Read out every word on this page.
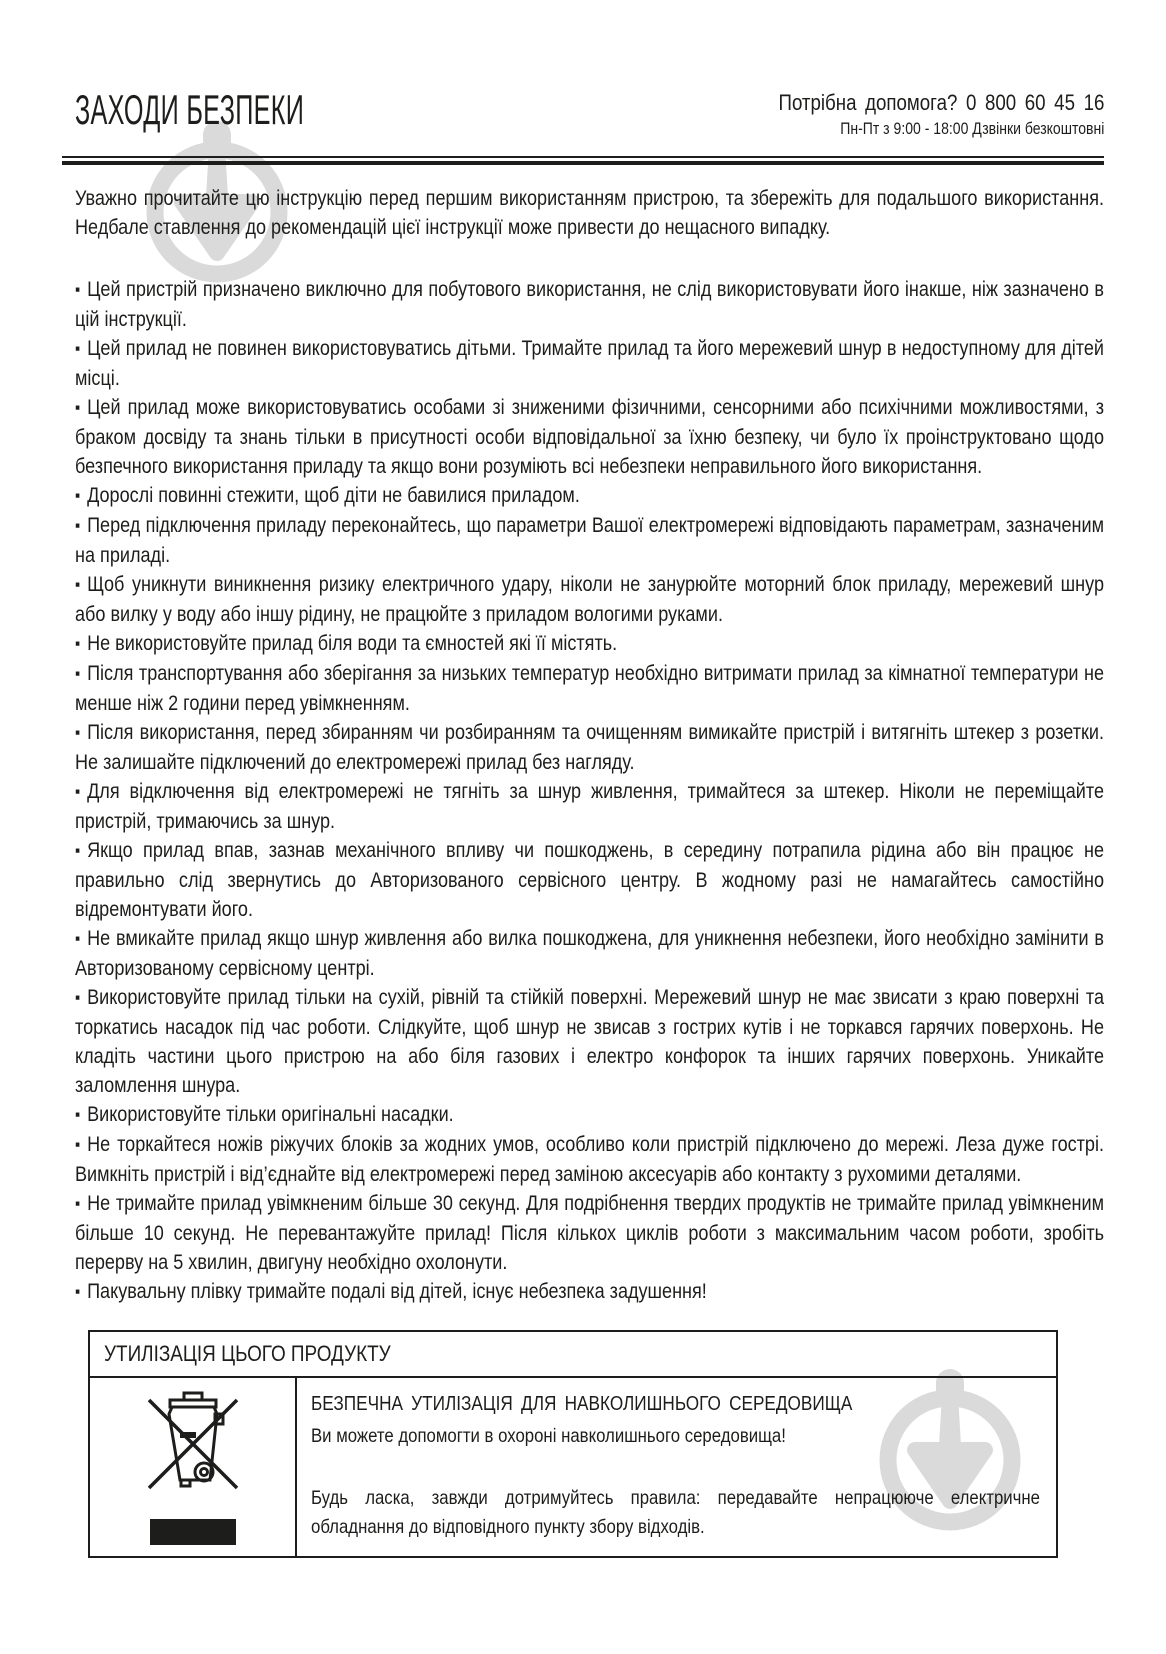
ЗАХОДИ БЕЗПЕКИ	Потрібна допомога? 0 800 60 45 16
Пн-Пт з 9:00 - 18:00 Дзвінки безкоштовні

Уважно прочитайте цю інструкцію перед першим використанням пристрою, та збережіть для подальшого використання. Недбале ставлення до рекомендацій цієї інструкції може привести до нещасного випадку.

▪ Цей пристрій призначено виключно для побутового використання, не слід використовувати його інакше, ніж зазначено в цій інструкції.

▪ Цей прилад не повинен використовуватись дітьми. Тримайте прилад та його мережевий шнур в недоступному для дітей місці.

▪ Цей прилад може використовуватись особами зі зниженими фізичними, сенсорними або психічними можливостями, з браком досвіду та знань тільки в присутності особи відповідальної за їхню безпеку, чи було їх проінструктовано щодо безпечного використання приладу та якщо вони розуміють всі небезпеки неправильного його використання.

▪ Дорослі повинні стежити, щоб діти не бавилися приладом.

▪ Перед підключення приладу переконайтесь, що параметри Вашої електромережі відповідають параметрам, зазначеним на приладі.

▪ Щоб уникнути виникнення ризику електричного удару, ніколи не занурюйте моторний блок приладу, мережевий шнур або вилку у воду або іншу рідину, не працюйте з приладом вологими руками.

▪ Не використовуйте прилад біля води та ємностей які її містять.

▪ Після транспортування або зберігання за низьких температур необхідно витримати прилад за кімнатної температури не менше ніж 2 години перед увімкненням.

▪ Після використання, перед збиранням чи розбиранням та очищенням вимикайте пристрій і витягніть штекер з розетки. Не залишайте підключений до електромережі прилад без нагляду.

▪ Для відключення від електромережі не тягніть за шнур живлення, тримайтеся за штекер. Ніколи не переміщайте пристрій, тримаючись за шнур.

▪ Якщо прилад впав, зазнав механічного впливу чи пошкоджень, в середину потрапила рідина або він працює не правильно слід звернутись до Авторизованого сервісного центру. В жодному разі не намагайтесь самостійно відремонтувати його.

▪ Не вмикайте прилад якщо шнур живлення або вилка пошкоджена, для уникнення небезпеки, його необхідно замінити в Авторизованому сервісному центрі.

▪ Використовуйте прилад тільки на сухій, рівній та стійкій поверхні. Мережевий шнур не має звисати з краю поверхні та торкатись насадок під час роботи. Слідкуйте, щоб шнур не звисав з гострих кутів і не торкався гарячих поверхонь. Не кладіть частини цього пристрою на або біля газових і електро конфорок та інших гарячих поверхонь. Уникайте заломлення шнура.

▪ Використовуйте тільки оригінальні насадки.

▪ Не торкайтеся ножів ріжучих блоків за жодних умов, особливо коли пристрій підключено до мережі. Леза дуже гострі. Вимкніть пристрій і від’єднайте від електромережі перед заміною аксесуарів або контакту з рухомими деталями.

▪ Не тримайте прилад увімкненим більше 30 секунд. Для подрібнення твердих продуктів не тримайте прилад увімкненим більше 10 секунд. Не перевантажуйте прилад! Після кількох циклів роботи з максимальним часом роботи, зробіть перерву на 5 хвилин, двигуну необхідно охолонути.

▪ Пакувальну плівку тримайте подалі від дітей, існує небезпека задушення!

УТИЛІЗАЦІЯ ЦЬОГО ПРОДУКТУ

БЕЗПЕЧНА УТИЛІЗАЦІЯ ДЛЯ НАВКОЛИШНЬОГО СЕРЕДОВИЩА

Ви можете допомогти в охороні навколишнього середовища!

Будь ласка, завжди дотримуйтесь правила: передавайте непрацююче електричне обладнання до відповідного пункту збору відходів.
